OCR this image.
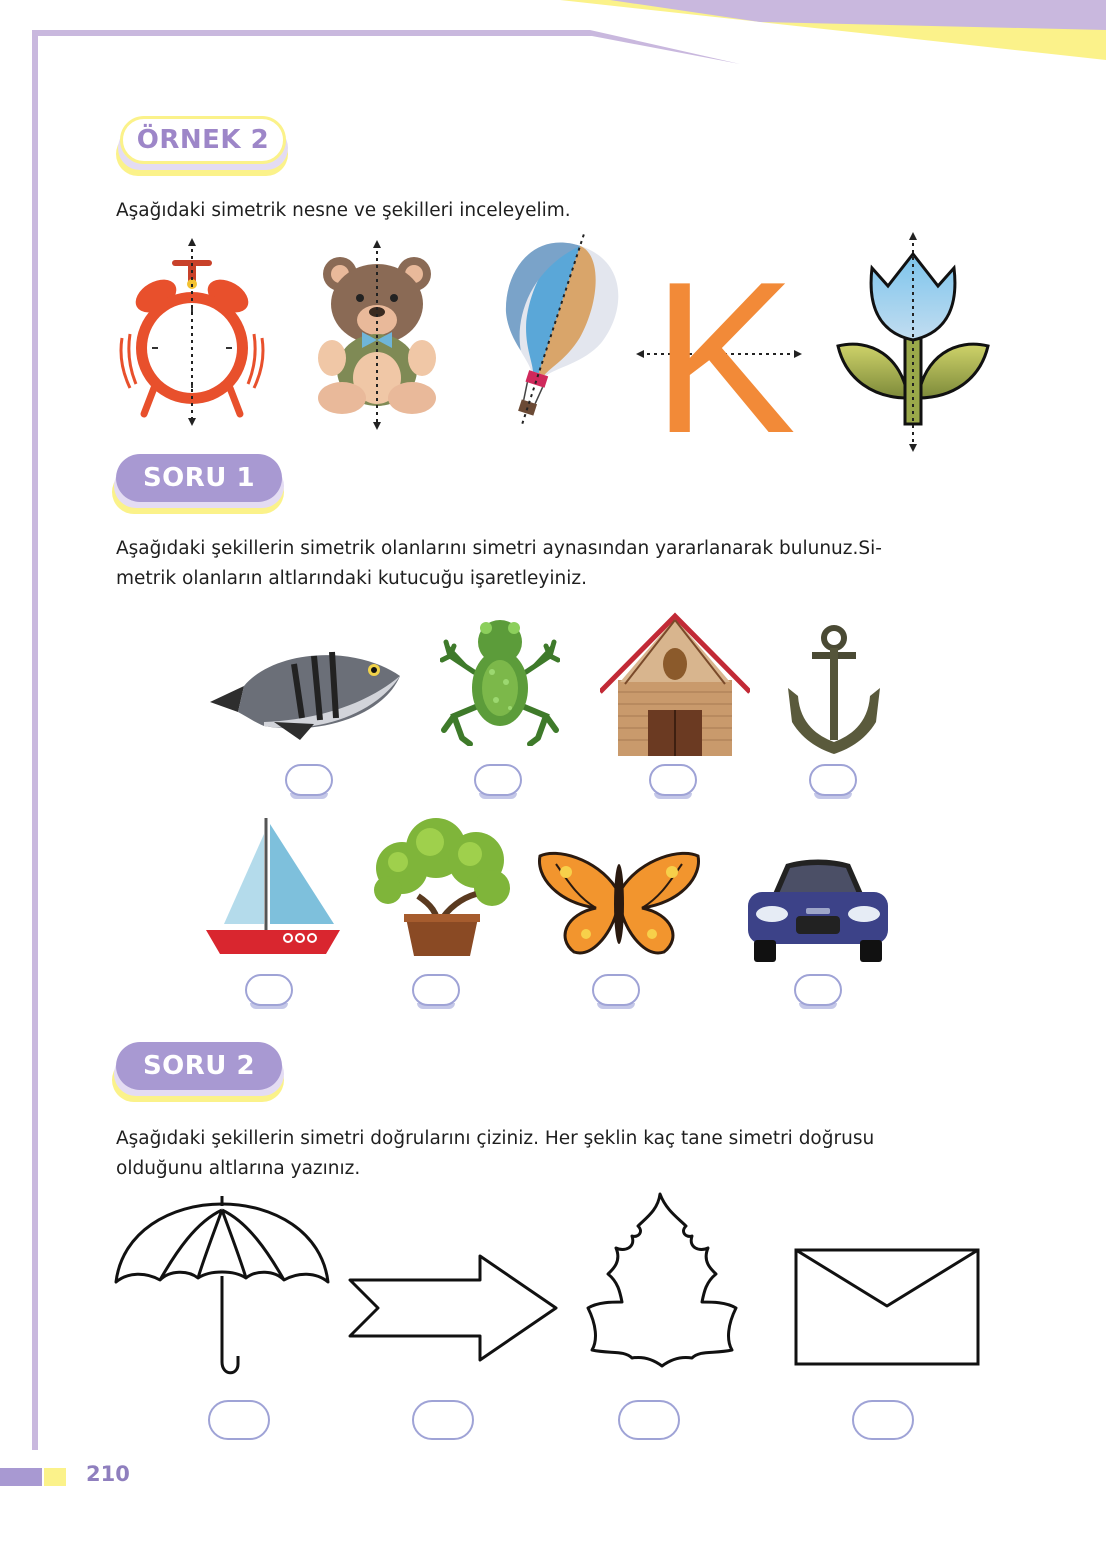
ÖRNEK 2
Aşağıdaki simetrik nesne ve şekilleri inceleyelim.
K
SORU 1
Aşağıdaki şekillerin simetrik olanlarını simetri aynasından yararlanarak bulunuz.Si-
metrik olanların altlarındaki kutucuğu işaretleyiniz.
SORU 2
Aşağıdaki şekillerin simetri doğrularını çiziniz. Her şeklin kaç tane simetri doğrusu
olduğunu altlarına yazınız.
210
